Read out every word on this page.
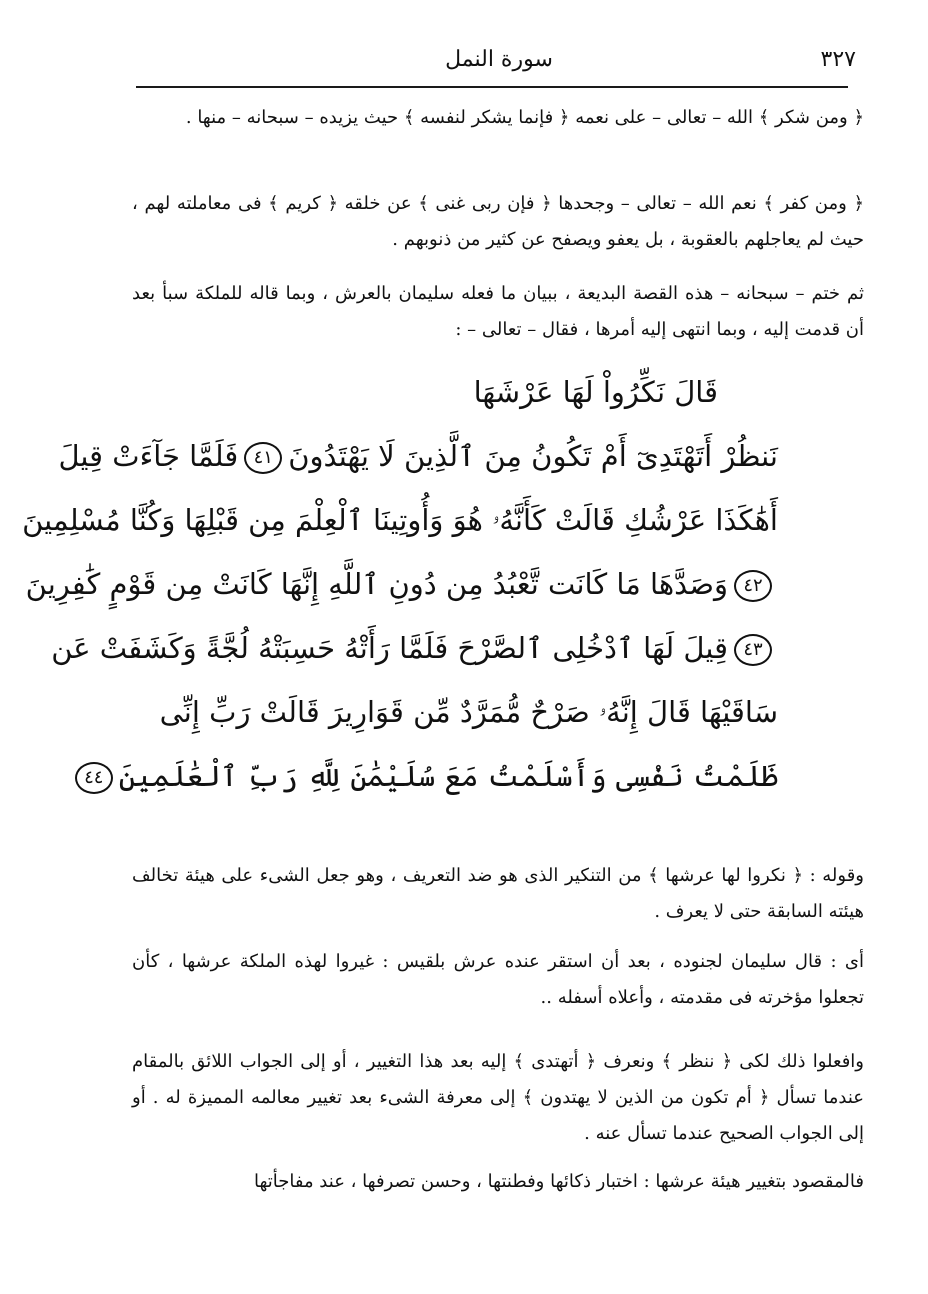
سورة النمل	٣٢٧
﴿ ومن شكر ﴾ الله – تعالى – على نعمه ﴿ فإنما يشكر لنفسه ﴾ حيث يزيده – سبحانه – منها .
﴿ ومن كفر ﴾ نعم الله – تعالى – وجحدها ﴿ فإن ربى غنى ﴾ عن خلقه ﴿ كريم ﴾ فى معاملته لهم ، حيث لم يعاجلهم بالعقوبة ، بل يعفو ويصفح عن كثير من ذنوبهم .
ثم ختم – سبحانه – هذه القصة البديعة ، ببيان ما فعله سليمان بالعرش ، وبما قاله للملكة سبأ بعد أن قدمت إليه ، وبما انتهى إليه أمرها ، فقال – تعالى – :
قَالَ نَكِّرُواْ لَهَا عَرْشَهَا
نَنظُرْ أَتَهْتَدِىٓ أَمْ تَكُونُ مِنَ ٱلَّذِينَ لَا يَهْتَدُونَ٤١فَلَمَّا جَآءَتْ قِيلَ
أَهَٰكَذَا عَرْشُكِ قَالَتْ كَأَنَّهُۥ هُوَ وَأُوتِينَا ٱلْعِلْمَ مِن قَبْلِهَا وَكُنَّا مُسْلِمِينَ
٤٢وَصَدَّهَا مَا كَانَت تَّعْبُدُ مِن دُونِ ٱللَّهِ إِنَّهَا كَانَتْ مِن قَوْمٍ كَٰفِرِينَ
٤٣قِيلَ لَهَا ٱدْخُلِى ٱلصَّرْحَ فَلَمَّا رَأَتْهُ حَسِبَتْهُ لُجَّةً وَكَشَفَتْ عَن
سَاقَيْهَا قَالَ إِنَّهُۥ صَرْحٌ مُّمَرَّدٌ مِّن قَوَارِيرَ قَالَتْ رَبِّ إِنِّى
ظَلَمْتُ نَفْسِى وَأَسْلَمْتُ مَعَ سُلَيْمَٰنَ لِلَّهِ رَبِّ ٱلْعَٰلَمِينَ٤٤
وقوله : ﴿ نكروا لها عرشها ﴾ من التنكير الذى هو ضد التعريف ، وهو جعل الشىء على هيئة تخالف هيئته السابقة حتى لا يعرف .
أى : قال سليمان لجنوده ، بعد أن استقر عنده عرش بلقيس : غيروا لهذه الملكة عرشها ، كأن تجعلوا مؤخرته فى مقدمته ، وأعلاه أسفله ..
وافعلوا ذلك لكى ﴿ ننظر ﴾ ونعرف ﴿ أتهتدى ﴾ إليه بعد هذا التغيير ، أو إلى الجواب اللائق بالمقام عندما تسأل ﴿ أم تكون من الذين لا يهتدون ﴾ إلى معرفة الشىء بعد تغيير معالمه المميزة له . أو إلى الجواب الصحيح عندما تسأل عنه .
فالمقصود بتغيير هيئة عرشها : اختبار ذكائها وفطنتها ، وحسن تصرفها ، عند مفاجأتها
